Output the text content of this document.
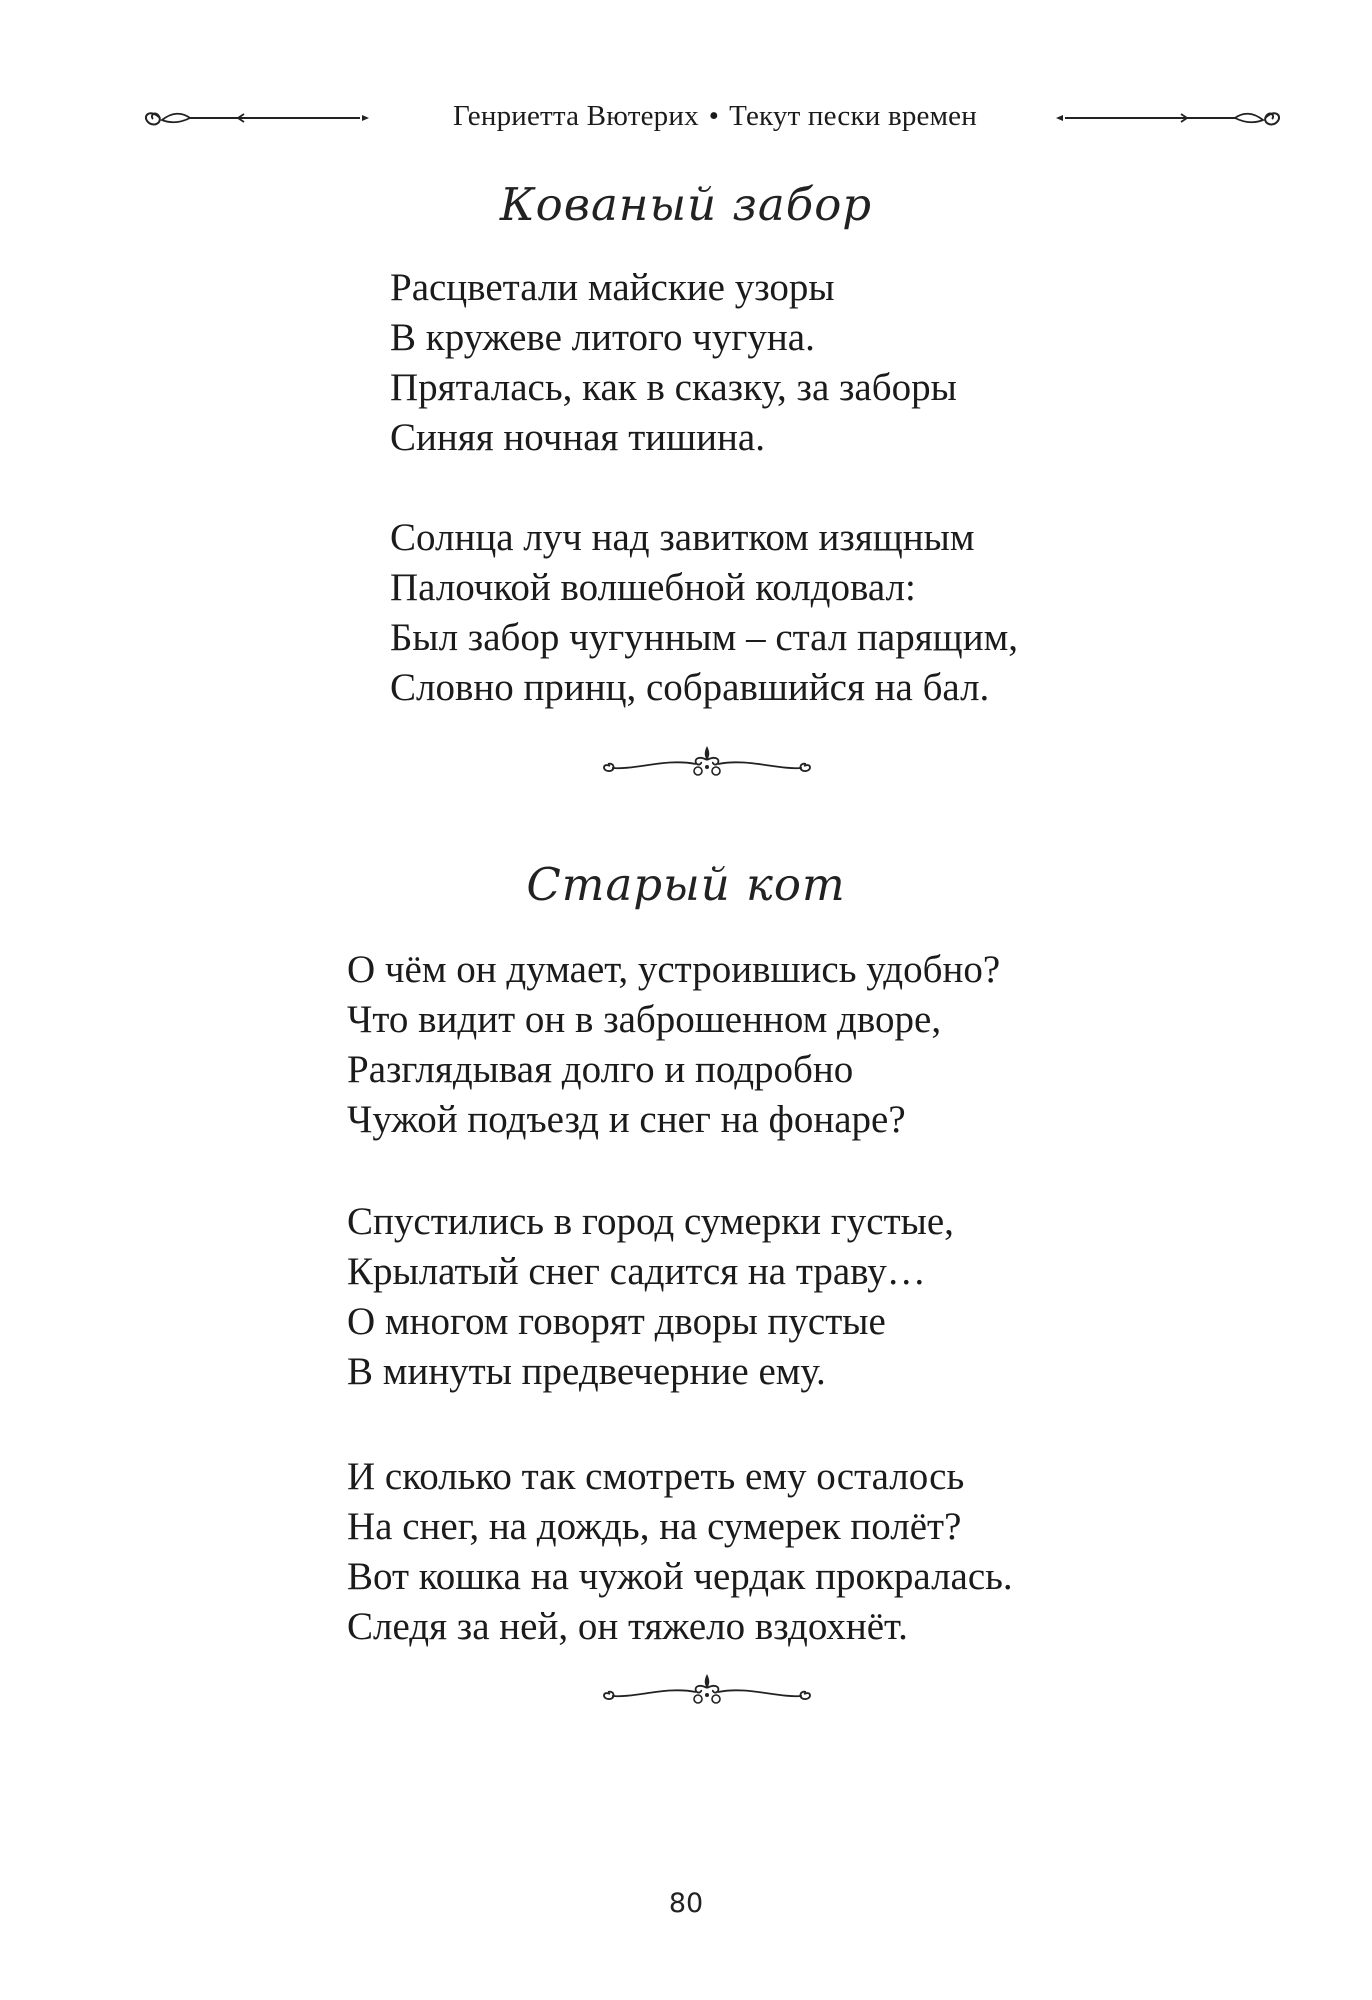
Генриетта Вютерих • Текут пески времен
Кованый забор
Расцветали майские узоры
В кружеве литого чугуна.
Пряталась, как в сказку, за заборы
Синяя ночная тишина.
Солнца луч над завитком изящным
Палочкой волшебной колдовал:
Был забор чугунным – стал парящим,
Словно принц, собравшийся на бал.
Старый кот
О чём он думает, устроившись удобно?
Что видит он в заброшенном дворе,
Разглядывая долго и подробно
Чужой подъезд и снег на фонаре?
Спустились в город сумерки густые,
Крылатый снег садится на траву…
О многом говорят дворы пустые
В минуты предвечерние ему.
И сколько так смотреть ему осталось
На снег, на дождь, на сумерек полёт?
Вот кошка на чужой чердак прокралась.
Следя за ней, он тяжело вздохнёт.
80
